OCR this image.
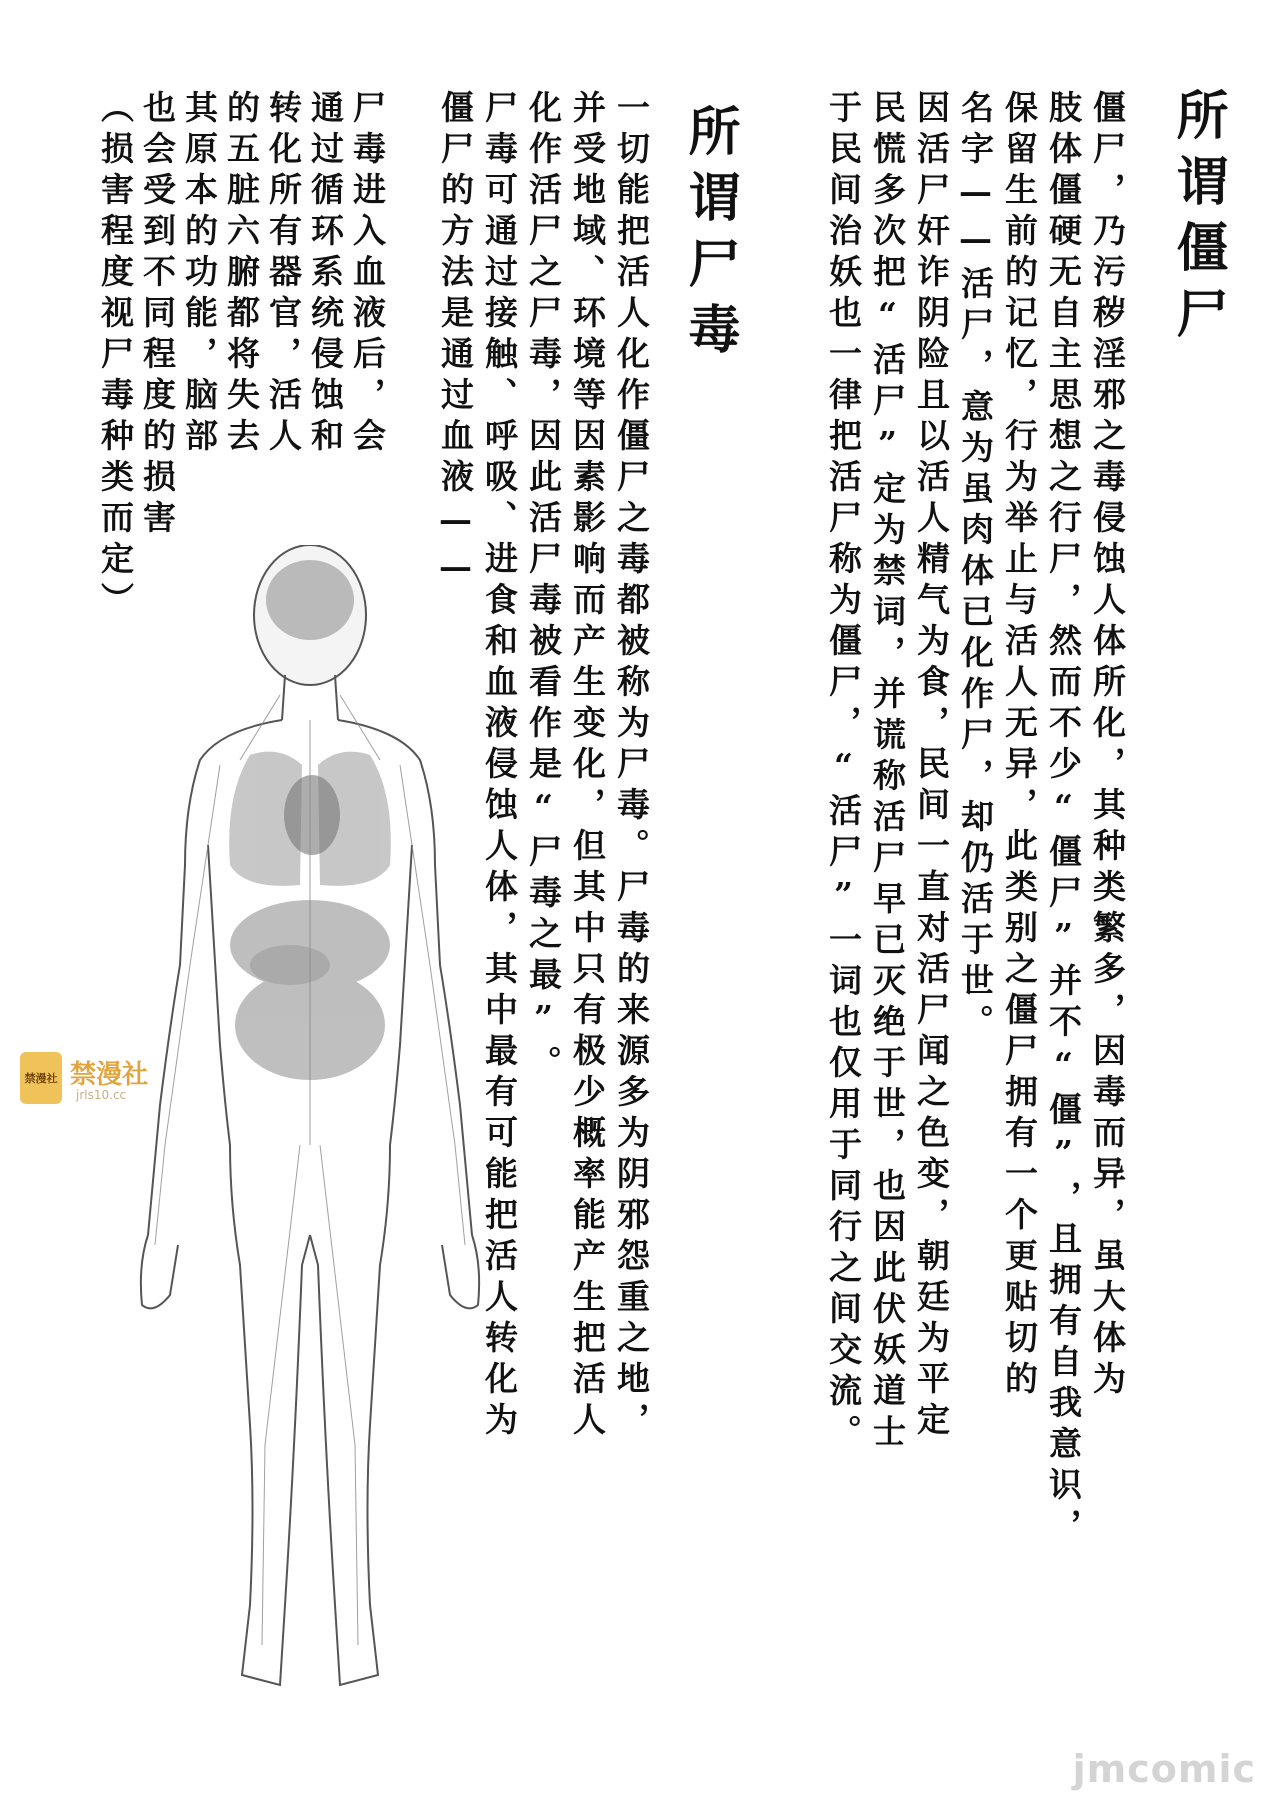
所谓僵尸
所谓尸毒	僵尸，乃污秽淫邪之毒侵蚀人体所化，其种类繁多，因毒而异，虽大体为
肢体僵硬无自主思想之行尸，然而不少“僵尸”并不“僵”，且拥有自我意识，
保留生前的记忆，行为举止与活人无异，此类别之僵尸拥有一个更贴切的
名字——活尸，意为虽肉体已化作尸，却仍活于世。
因活尸奸诈阴险且以活人精气为食，民间一直对活尸闻之色变，朝廷为平定
民慌多次把“活尸”定为禁词，并谎称活尸早已灭绝于世，也因此伏妖道士
于民间治妖也一律把活尸称为僵尸，“活尸”一词也仅用于同行之间交流。
一切能把活人化作僵尸之毒都被称为尸毒。尸毒的来源多为阴邪怨重之地，
并受地域、环境等因素影响而产生变化，但其中只有极少概率能产生把活人
化作活尸之尸毒，因此活尸毒被看作是“尸毒之最”。
尸毒可通过接触、呼吸、进食和血液侵蚀人体，其中最有可能把活人转化为
僵尸的方法是通过血液——
尸毒进入血液后，会
通过循环系统侵蚀和
转化所有器官，活人
的五脏六腑都将失去
其原本的功能，脑部
也会受到不同程度的损害
（损害程度视尸毒种类而定）
禁漫社 禁漫社
jrls10.cc
jmcomic
